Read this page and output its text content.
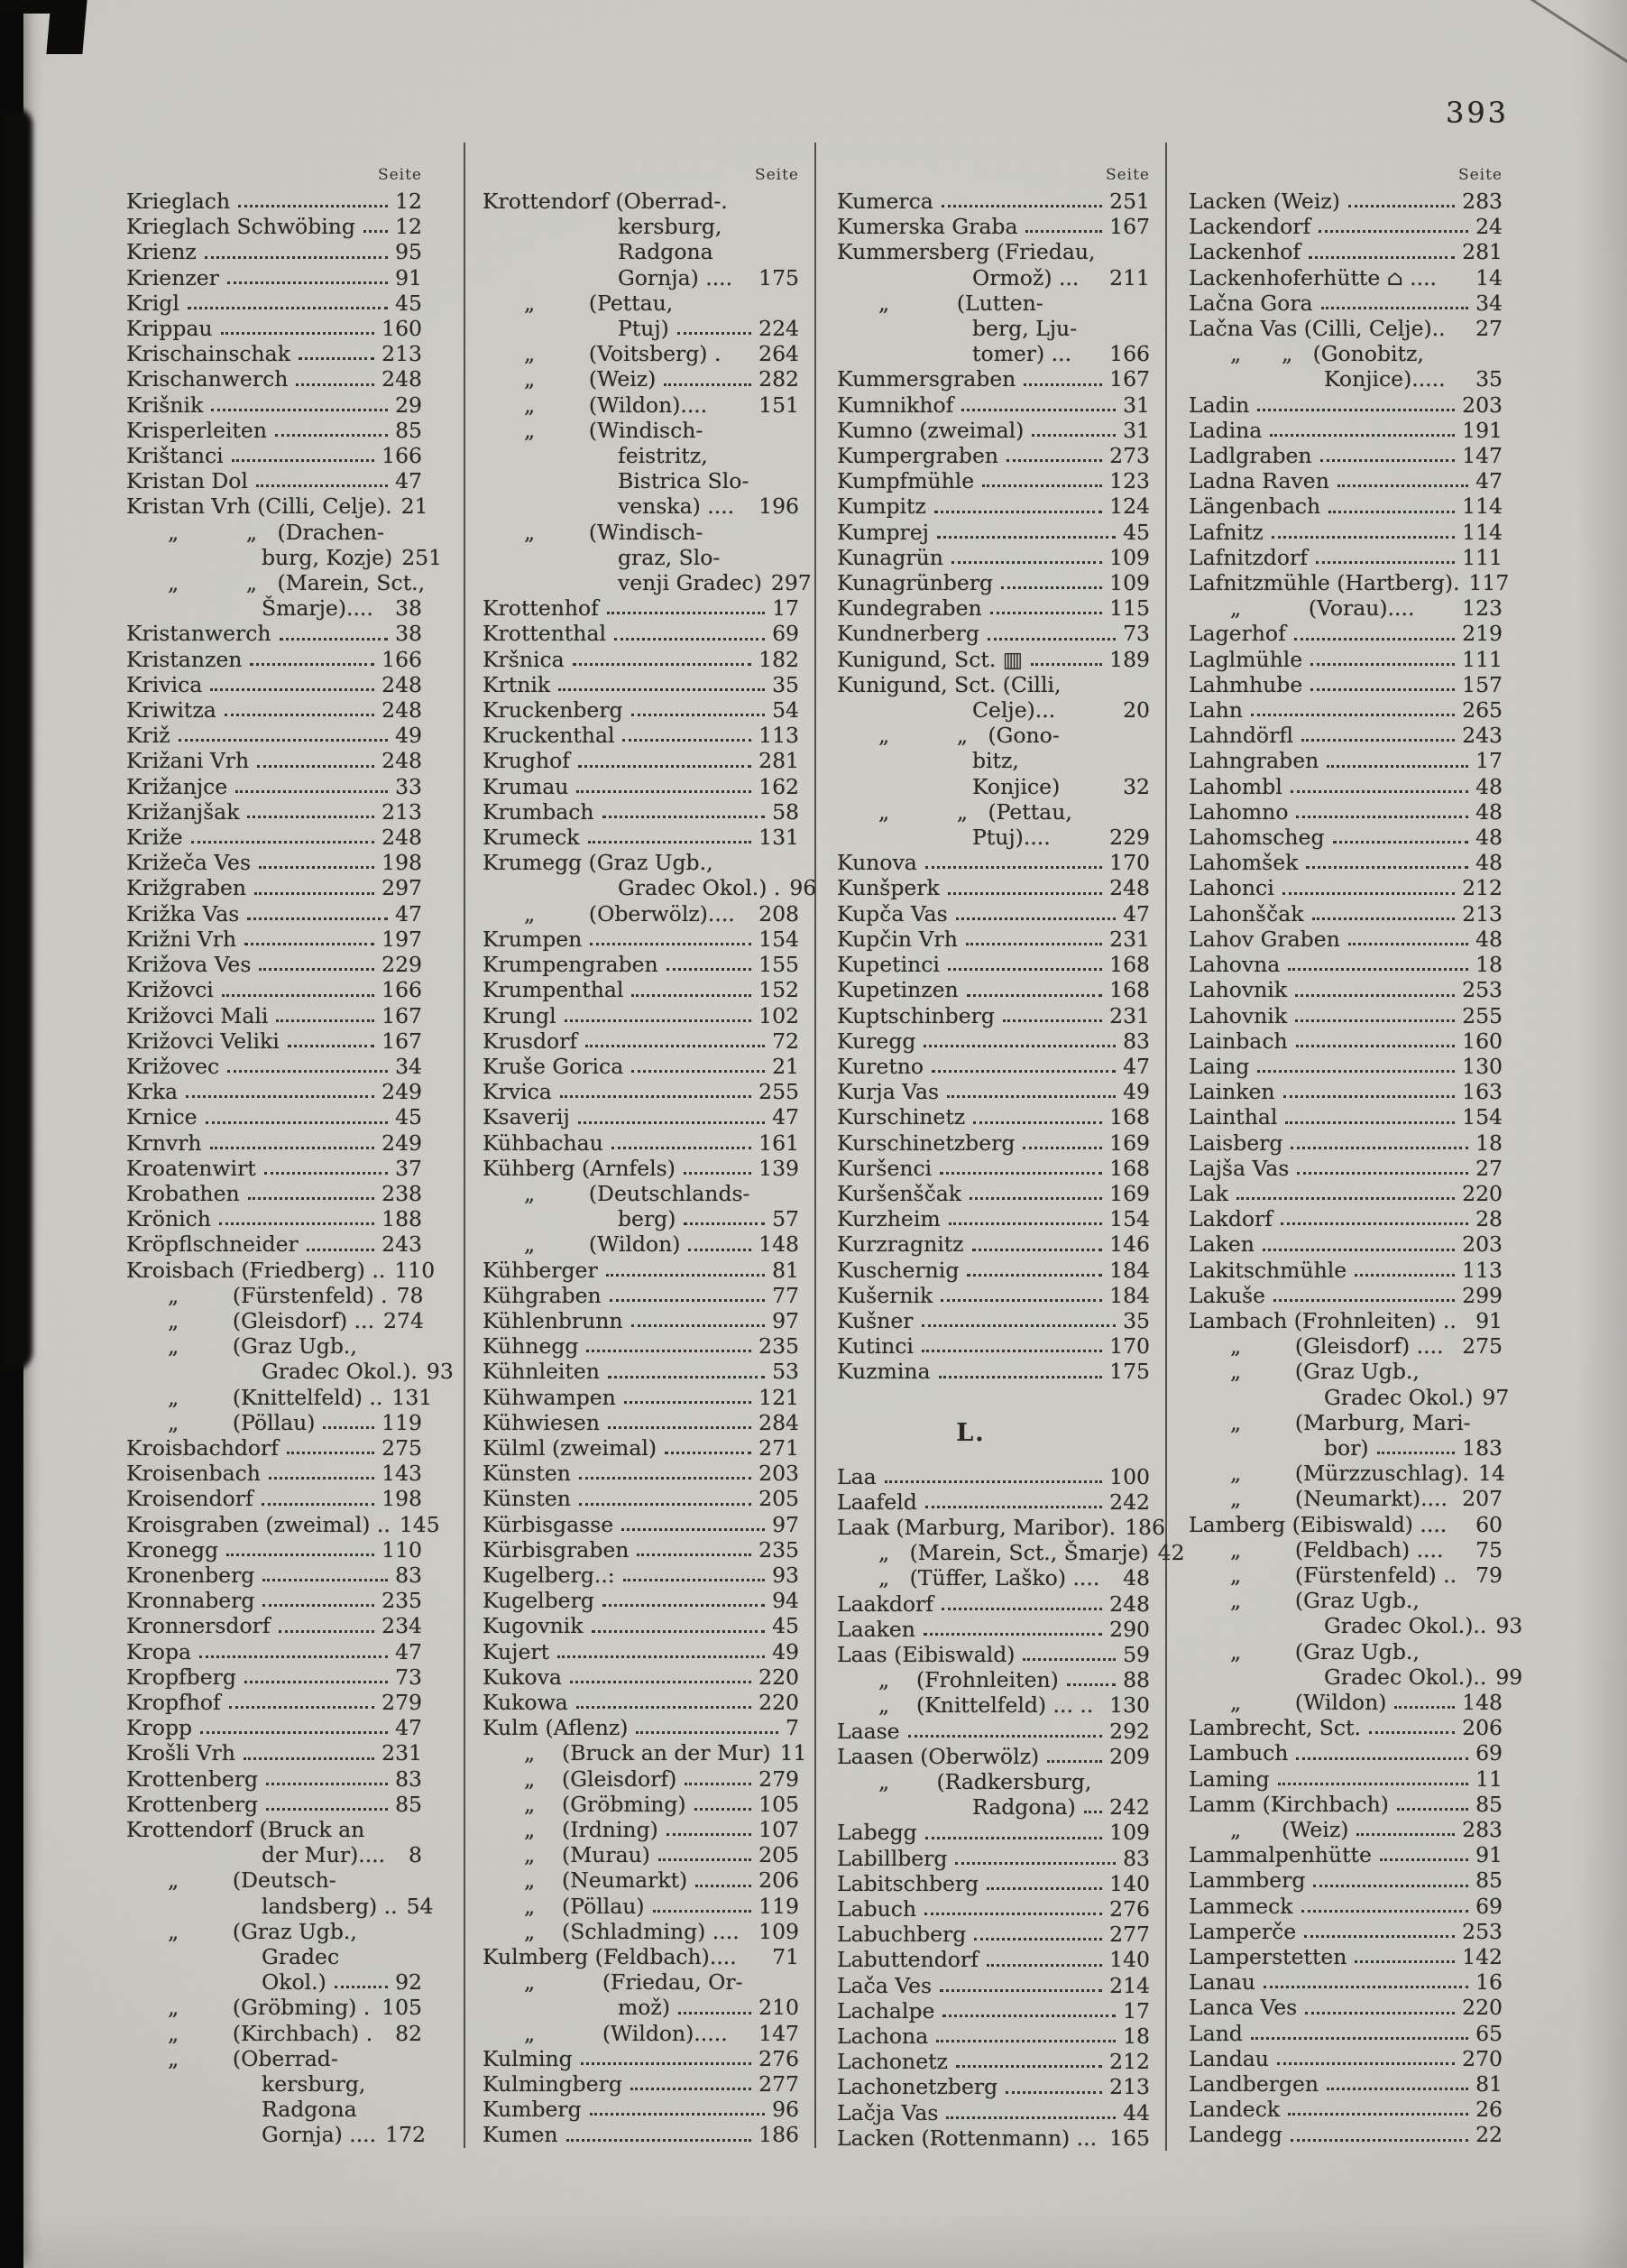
393
Seite
Krieglach	12
Krieglach Schwöbing 12
Krienz	95
Krienzer	91
Krigl	45
Krippau	160
Krischainschak	213
Krischanwerch	248
Krišnik	29
Krisperleiten	85
Krištanci	166
Kristan Dol	47
Kristan Vrh (Cilli, Celje). 21
„          „   (Drachen-
burg, Kozje) 251
„          „   (Marein, Sct.,
Šmarje).... 38
Kristanwerch	38
Kristanzen	166
Krivica	248
Kriwitza	248
Križ	49
Križani Vrh	248
Križanjce	33
Križanjšak	213
Križe	248
Križeča Ves	198
Križgraben	297
Križka Vas	47
Križni Vrh	197
Križova Ves	229
Križovci	166
Križovci Mali	167
Križovci Veliki	167
Križovec	34
Krka	249
Krnice	45
Krnvrh	249
Kroatenwirt	37
Krobathen	238
Krönich	188
Kröpflschneider	243
Kroisbach (Friedberg) .. 110
„        (Fürstenfeld) . 78
„        (Gleisdorf) ... 274
„        (Graz Ugb.,
Gradec Okol.). 93
„        (Knittelfeld) .. 131
„        (Pöllau)	119
Kroisbachdorf	275
Kroisenbach	143
Kroisendorf	198
Kroisgraben (zweimal) .. 145
Kronegg	110
Kronenberg	83
Kronnaberg	235
Kronnersdorf	234
Kropa	47
Kropfberg	73
Kropfhof	279
Kropp	47
Krošli Vrh	231
Krottenberg	83
Krottenberg	85
Krottendorf (Bruck an
der Mur).... 8
„        (Deutsch-
landsberg) .. 54
„        (Graz Ugb.,
Gradec
Okol.)	92
„        (Gröbming) . 105
„        (Kirchbach) . 82
„        (Oberrad-
kersburg,
Radgona
Gornja) .... 172
Seite
Krottendorf (Oberrad-.
kersburg,
Radgona
Gornja) .... 175
„        (Pettau,
Ptuj)	224
„        (Voitsberg) . 264
„        (Weiz)	282
„        (Wildon).... 151
„        (Windisch-
feistritz,
Bistrica Slo-
venska) .... 196
„        (Windisch-
graz, Slo-
venji Gradec) 297
Krottenhof	17
Krottenthal	69
Kršnica	182
Krtnik	35
Kruckenberg	54
Kruckenthal	113
Krughof	281
Krumau	162
Krumbach	58
Krumeck	131
Krumegg (Graz Ugb.,
Gradec Okol.) . 96
„        (Oberwölz).... 208
Krumpen	154
Krumpengraben	155
Krumpenthal	152
Krungl	102
Krusdorf	72
Kruše Gorica	21
Krvica	255
Ksaverij	47
Kühbachau	161
Kühberg (Arnfels)	139
„        (Deutschlands-
berg)	57
„        (Wildon)	148
Kühberger	81
Kühgraben	77
Kühlenbrunn	97
Kühnegg	235
Kühnleiten	53
Kühwampen	121
Kühwiesen	284
Külml (zweimal)	271
Künsten	203
Künsten	205
Kürbisgasse	97
Kürbisgraben	235
Kugelberg..:	93
Kugelberg	94
Kugovnik	45
Kujert	49
Kukova	220
Kukowa	220
Kulm (Aflenz)	7
„    (Bruck an der Mur) 11
„    (Gleisdorf)	279
„    (Gröbming)	105
„    (Irdning)	107
„    (Murau)	205
„    (Neumarkt)	206
„    (Pöllau)	119
„    (Schladming) .... 109
Kulmberg (Feldbach).... 71
„          (Friedau, Or-
mož)	210
„          (Wildon)..... 147
Kulming	276
Kulmingberg	277
Kumberg	96
Kumen	186
Seite
Kumerca	251
Kumerska Graba	167
Kummersberg (Friedau,
Ormož) ... 211
„          (Lutten-
berg, Lju-
tomer) ... 166
Kummersgraben	167
Kumnikhof	31
Kumno (zweimal)	31
Kumpergraben	273
Kumpfmühle	123
Kumpitz	124
Kumprej	45
Kunagrün	109
Kunagrünberg	109
Kundegraben	115
Kundnerberg	73
Kunigund, Sct. ▥	189
Kunigund, Sct. (Cilli,
Celje)...	20
„          „   (Gono-
bitz,
Konjice)	32
„          „   (Pettau,
Ptuj)....	229
Kunova	170
Kunšperk	248
Kupča Vas	47
Kupčin Vrh	231
Kupetinci	168
Kupetinzen	168
Kuptschinberg	231
Kuregg	83
Kuretno	47
Kurja Vas	49
Kurschinetz	168
Kurschinetzberg	169
Kuršenci	168
Kuršenščak	169
Kurzheim	154
Kurzragnitz	146
Kuschernig	184
Kušernik	184
Kušner	35
Kutinci	170
Kuzmina	175
L.
Laa	100
Laafeld	242
Laak (Marburg, Maribor). 186
„   (Marein, Sct., Šmarje) 42
„   (Tüffer, Laško) .... 48
Laakdorf	248
Laaken	290
Laas (Eibiswald)	59
„    (Frohnleiten)	88
„    (Knittelfeld) ... .. 130
Laase	292
Laasen (Oberwölz)	209
„       (Radkersburg,
Radgona) 242
Labegg	109
Labillberg	83
Labitschberg	140
Labuch	276
Labuchberg	277
Labuttendorf	140
Lača Ves	214
Lachalpe	17
Lachona	18
Lachonetz	212
Lachonetzberg	213
Lačja Vas	44
Lacken (Rottenmann) ... 165
Seite
Lacken (Weiz)	283
Lackendorf	24
Lackenhof	281
Lackenhoferhütte ⌂ .... 14
Lačna Gora	34
Lačna Vas (Cilli, Celje).. 27
„      „   (Gonobitz,
Konjice)..... 35
Ladin	203
Ladina	191
Ladlgraben	147
Ladna Raven	47
Längenbach	114
Lafnitz	114
Lafnitzdorf	111
Lafnitzmühle (Hartberg). 117
„          (Vorau).... 123
Lagerhof	219
Laglmühle	111
Lahmhube	157
Lahn	265
Lahndörfl	243
Lahngraben	17
Lahombl	48
Lahomno	48
Lahomscheg	48
Lahomšek	48
Lahonci	212
Lahonščak	213
Lahov Graben	48
Lahovna	18
Lahovnik	253
Lahovnik	255
Lainbach	160
Laing	130
Lainken	163
Lainthal	154
Laisberg	18
Lajša Vas	27
Lak	220
Lakdorf	28
Laken	203
Lakitschmühle	113
Lakuše	299
Lambach (Frohnleiten) .. 91
„        (Gleisdorf) .... 275
„        (Graz Ugb.,
Gradec Okol.) 97
„        (Marburg, Mari-
bor)	183
„        (Mürzzuschlag). 14
„        (Neumarkt).... 207
Lamberg (Eibiswald) .... 60
„        (Feldbach) .... 75
„        (Fürstenfeld) .. 79
„        (Graz Ugb.,
Gradec Okol.).. 93
„        (Graz Ugb.,
Gradec Okol.).. 99
„        (Wildon)	148
Lambrecht, Sct.	206
Lambuch	69
Laming	11
Lamm (Kirchbach)	85
„      (Weiz)	283
Lammalpenhütte	91
Lammberg	85
Lammeck	69
Lamperče	253
Lamperstetten	142
Lanau	16
Lanca Ves	220
Land	65
Landau	270
Landbergen	81
Landeck	26
Landegg	22
